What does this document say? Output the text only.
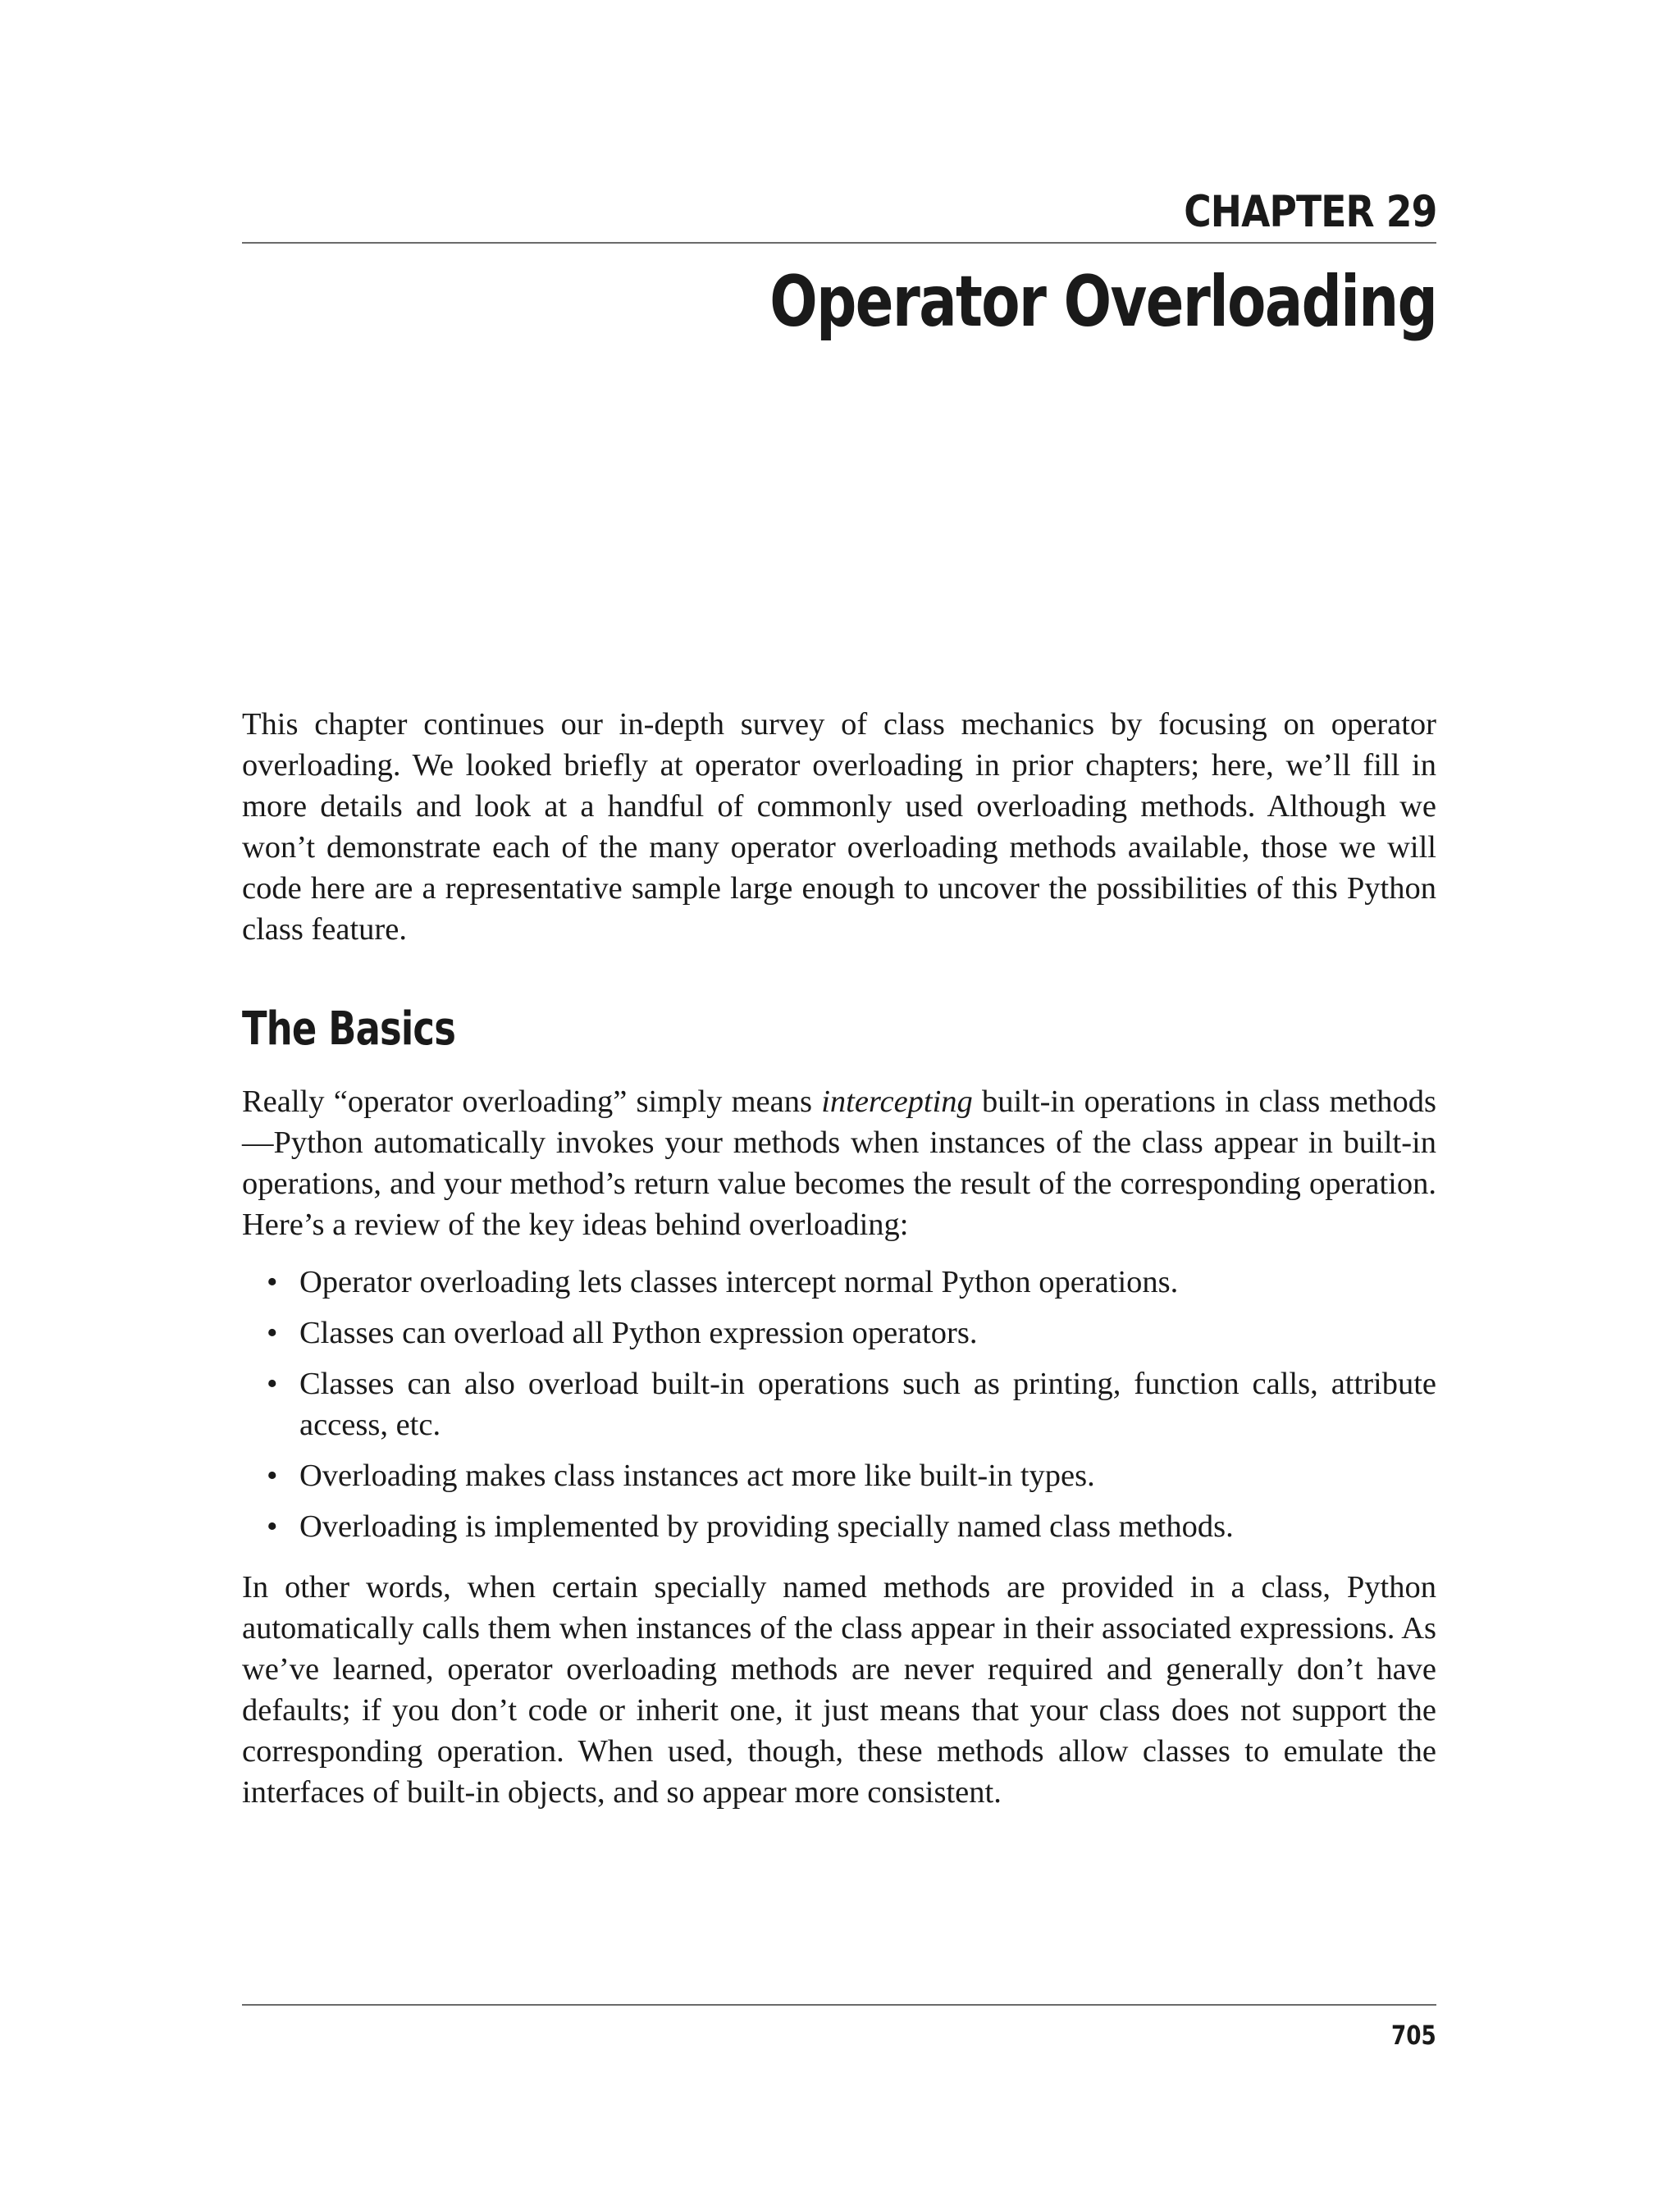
CHAPTER 29
Operator Overloading

This chapter continues our in-depth survey of class mechanics by focusing on operator overloading. We looked briefly at operator overloading in prior chapters; here, we’ll fill in more details and look at a handful of commonly used overloading methods. Although we won’t demonstrate each of the many operator overloading methods available, those we will code here are a representative sample large enough to uncover the possibilities of this Python class feature.

The Basics

Really “operator overloading” simply means intercepting built-in operations in class methods—Python automatically invokes your methods when instances of the class appear in built-in operations, and your method’s return value becomes the result of the corresponding operation. Here’s a review of the key ideas behind overloading:

• Operator overloading lets classes intercept normal Python operations.
• Classes can overload all Python expression operators.
• Classes can also overload built-in operations such as printing, function calls, attribute access, etc.
• Overloading makes class instances act more like built-in types.
• Overloading is implemented by providing specially named class methods.

In other words, when certain specially named methods are provided in a class, Python automatically calls them when instances of the class appear in their associated expressions. As we’ve learned, operator overloading methods are never required and generally don’t have defaults; if you don’t code or inherit one, it just means that your class does not support the corresponding operation. When used, though, these methods allow classes to emulate the interfaces of built-in objects, and so appear more consistent.

705
